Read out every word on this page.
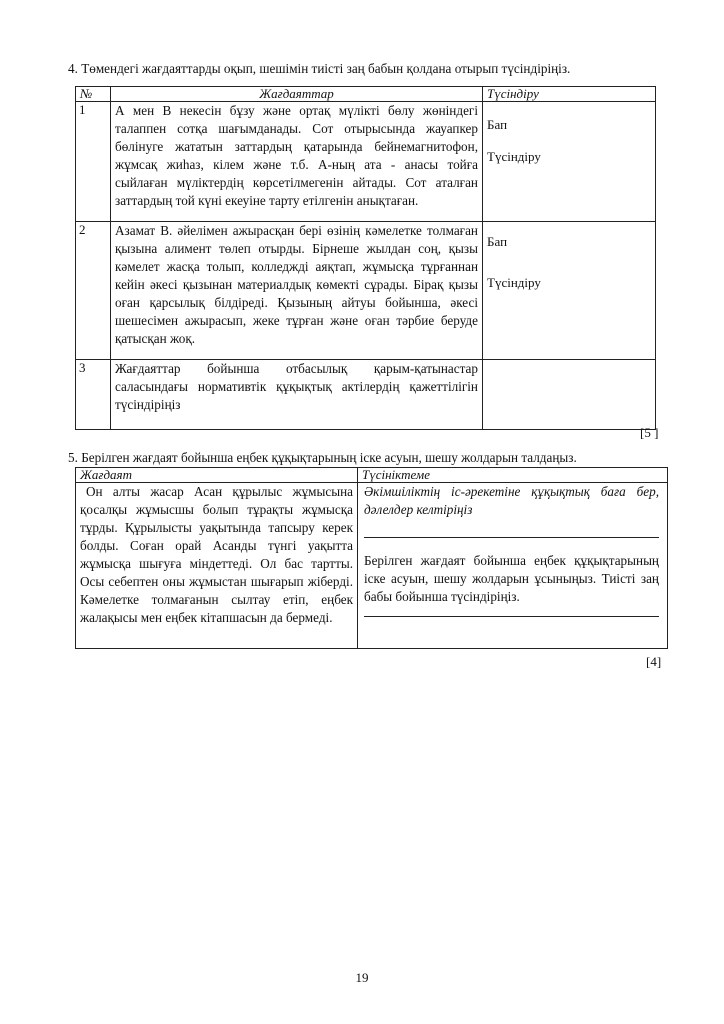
4. Төмендегі жағдаяттарды оқып, шешімін тиісті заң бабын қолдана отырып түсіндіріңіз.
№	Жағдаяттар	Түсіндіру
1	А мен В некесін бұзу және ортақ мүлікті бөлу жөніндегі талаппен сотқа шағымданады. Сот отырысында жауапкер бөлінуге жататын заттардың қатарында бейнемагнитофон, жұмсақ жиһаз, кілем және т.б. А-ның ата - анасы тойға сыйлаған мүліктердің көрсетілмегенін айтады. Сот аталған заттардың той күні екеуіне тарту етілгенін анықтаған.	Бап
Түсіндіру

2	Азамат В. әйелімен ажырасқан бері өзінің кәмелетке толмаған қызына алимент төлеп отырды. Бірнеше жылдан соң, қызы кәмелет жасқа толып, колледжді аяқтап, жұмысқа тұрғаннан кейін әкесі қызынан материалдық көмекті сұрады. Бірақ қызы оған қарсылық білдіреді. Қызының айтуы бойынша, әкесі шешесімен ажырасып, жеке тұрған және оған тәрбие беруде қатысқан жоқ.	Бап
Түсіндіру

3	Жағдаяттар бойынша отбасылық қарым-қатынастар саласындағы нормативтік құқықтық актілердің қажеттілігін түсіндіріңіз	
[5 ]
5. Берілген жағдаят бойынша еңбек құқықтарының іске асуын, шешу жолдарын талдаңыз.
Жағдаят	Түсініктеме
Он алты жасар Асан құрылыс жұмысына қосалқы жұмысшы болып тұрақты жұмысқа тұрды. Құрылысты уақытында тапсыру керек болды. Соған орай Асанды түнгі уақытта жұмысқа шығуға міндеттеді. Ол бас тартты. Осы себептен оны жұмыстан шығарып жіберді. Кәмелетке толмағанын сылтау етіп, еңбек жалақысы мен еңбек кітапшасын да бермеді.	Әкімшіліктің іс-әрекетіне құқықтық баға бер, дәлелдер келтіріңіз
Берілген жағдаят бойынша еңбек құқықтарының іске асуын, шешу жолдарын ұсыныңыз. Тиісті заң бабы бойынша түсіндіріңіз.
[4]
19
